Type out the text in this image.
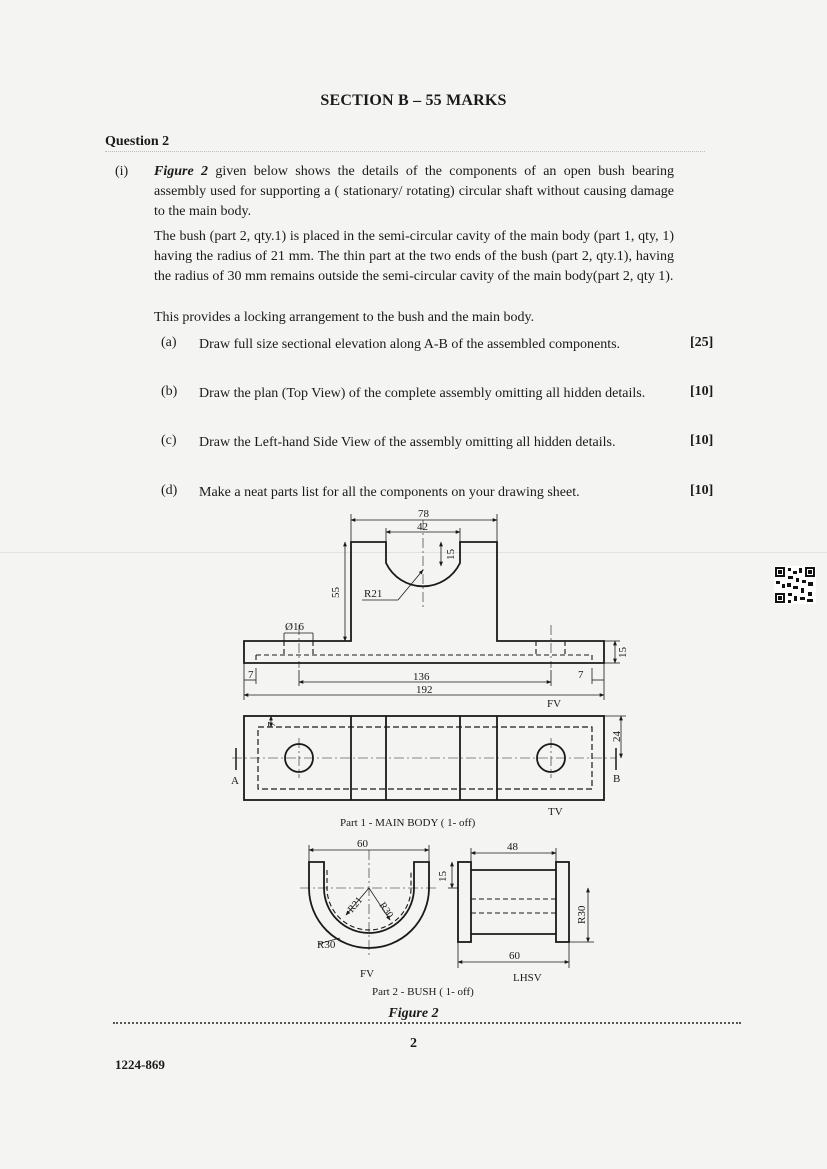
SECTION B – 55 MARKS
Question 2
(i) Figure 2 given below shows the details of the components of an open bush bearing assembly used for supporting a ( stationary/ rotating) circular shaft without causing damage to the main body.
The bush (part 2, qty.1) is placed in the semi-circular cavity of the main body (part 1, qty, 1) having the radius of 21 mm. The thin part at the two ends of the bush (part 2, qty.1), having the radius of 30 mm remains outside the semi-circular cavity of the main body(part 2, qty 1).
This provides a locking arrangement to the bush and the main body.
(a) Draw full size sectional elevation along A-B of the assembled components.	[25]
(b) Draw the plan (Top View) of the complete assembly omitting all hidden details.	[10]
(c) Draw the Left-hand Side View of the assembly omitting all hidden details.	[10]
(d) Make a neat parts list for all the components on your drawing sheet.	[10]
78
42
15
55 R21
Ø16
15
7	7
136
192
FV
24
7
A	B
TV
Part 1 - MAIN BODY ( 1- off)
60
R21 R30
R30
FV
48
15
R30
60
LHSV
Part 2 - BUSH ( 1- off)
Figure 2
2
1224-869
